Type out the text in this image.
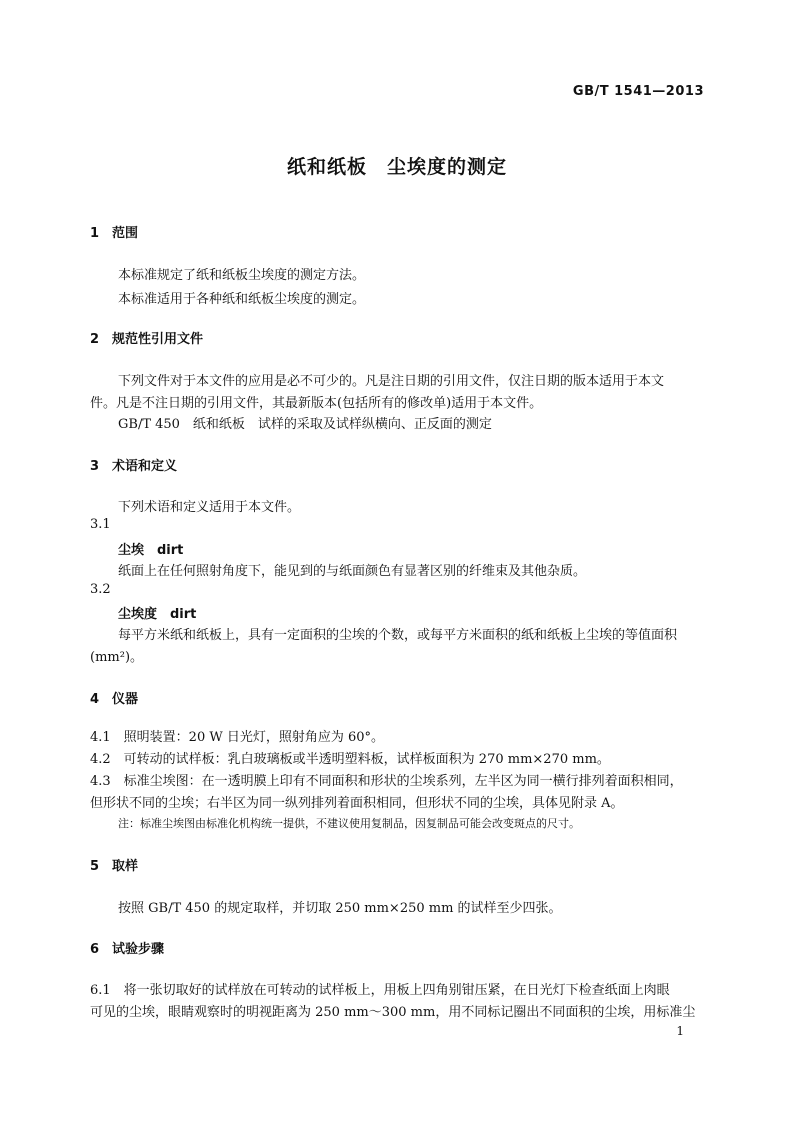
GB/T 1541—2013
纸和纸板　尘埃度的测定
1 范围
本标准规定了纸和纸板尘埃度的测定方法。
本标准适用于各种纸和纸板尘埃度的测定。
2 规范性引用文件
下列文件对于本文件的应用是必不可少的。凡是注日期的引用文件，仅注日期的版本适用于本文
件。凡是不注日期的引用文件，其最新版本(包括所有的修改单)适用于本文件。
GB/T 450　纸和纸板　试样的采取及试样纵横向、正反面的测定
3 术语和定义
下列术语和定义适用于本文件。
3.1
尘埃　dirt
纸面上在任何照射角度下，能见到的与纸面颜色有显著区别的纤维束及其他杂质。
3.2
尘埃度　dirt
每平方米纸和纸板上，具有一定面积的尘埃的个数，或每平方米面积的纸和纸板上尘埃的等值面积
(mm²)。
4 仪器
4.1　照明装置：20 W 日光灯，照射角应为 60°。
4.2　可转动的试样板：乳白玻璃板或半透明塑料板，试样板面积为 270 mm×270 mm。
4.3　标准尘埃图：在一透明膜上印有不同面积和形状的尘埃系列，左半区为同一横行排列着面积相同，
但形状不同的尘埃；右半区为同一纵列排列着面积相同，但形状不同的尘埃，具体见附录 A。
注：标准尘埃图由标准化机构统一提供，不建议使用复制品，因复制品可能会改变斑点的尺寸。
5 取样
按照 GB/T 450 的规定取样，并切取 250 mm×250 mm 的试样至少四张。
6 试验步骤
6.1　将一张切取好的试样放在可转动的试样板上，用板上四角别钳压紧，在日光灯下检查纸面上肉眼
可见的尘埃，眼睛观察时的明视距离为 250 mm～300 mm，用不同标记圈出不同面积的尘埃，用标准尘
1
